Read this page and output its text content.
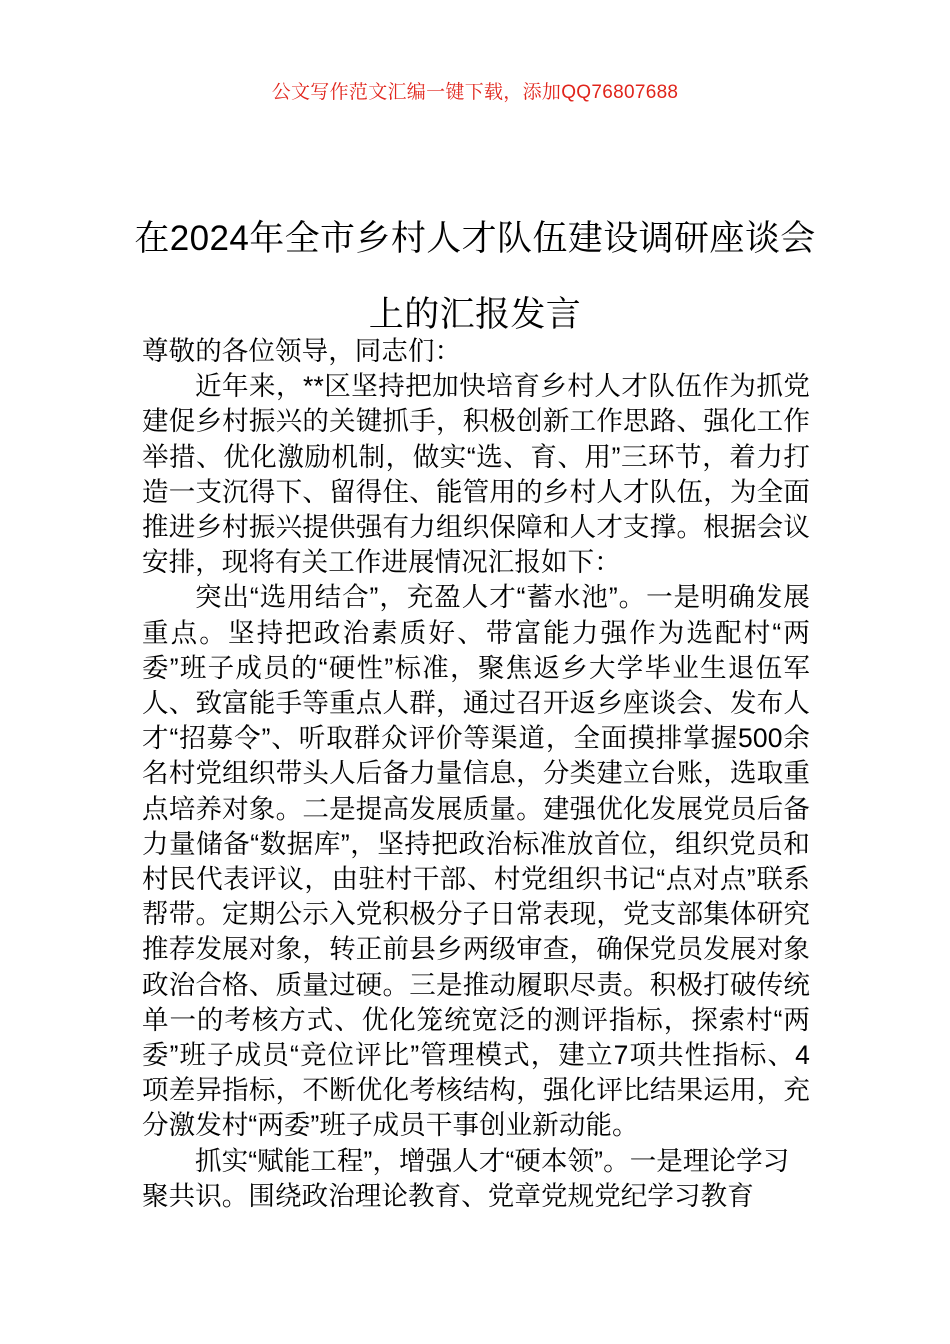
公文写作范文汇编一键下载，添加QQ76807688
在2024年全市乡村人才队伍建设调研座谈会上的汇报发言

尊敬的各位领导，同志们：

近年来，**区坚持把加快培育乡村人才队伍作为抓党建促乡村振兴的关键抓手，积极创新工作思路、强化工作举措、优化激励机制，做实“选、育、用”三环节，着力打造一支沉得下、留得住、能管用的乡村人才队伍，为全面推进乡村振兴提供强有力组织保障和人才支撑。根据会议安排，现将有关工作进展情况汇报如下：

突出“选用结合”，充盈人才“蓄水池”。一是明确发展重点。坚持把政治素质好、带富能力强作为选配村“两委”班子成员的“硬性”标准，聚焦返乡大学毕业生退伍军人、致富能手等重点人群，通过召开返乡座谈会、发布人才“招募令”、听取群众评价等渠道，全面摸排掌握500余名村党组织带头人后备力量信息，分类建立台账，选取重点培养对象。二是提高发展质量。建强优化发展党员后备力量储备“数据库”，坚持把政治标准放首位，组织党员和村民代表评议，由驻村干部、村党组织书记“点对点”联系帮带。定期公示入党积极分子日常表现，党支部集体研究推荐发展对象，转正前县乡两级审查，确保党员发展对象政治合格、质量过硬。三是推动履职尽责。积极打破传统单一的考核方式、优化笼统宽泛的测评指标，探索村“两委”班子成员“竞位评比”管理模式，建立7项共性指标、4项差异指标，不断优化考核结构，强化评比结果运用，充分激发村“两委”班子成员干事创业新动能。

抓实“赋能工程”，增强人才“硬本领”。一是理论学习聚共识。围绕政治理论教育、党章党规党纪学习教育
